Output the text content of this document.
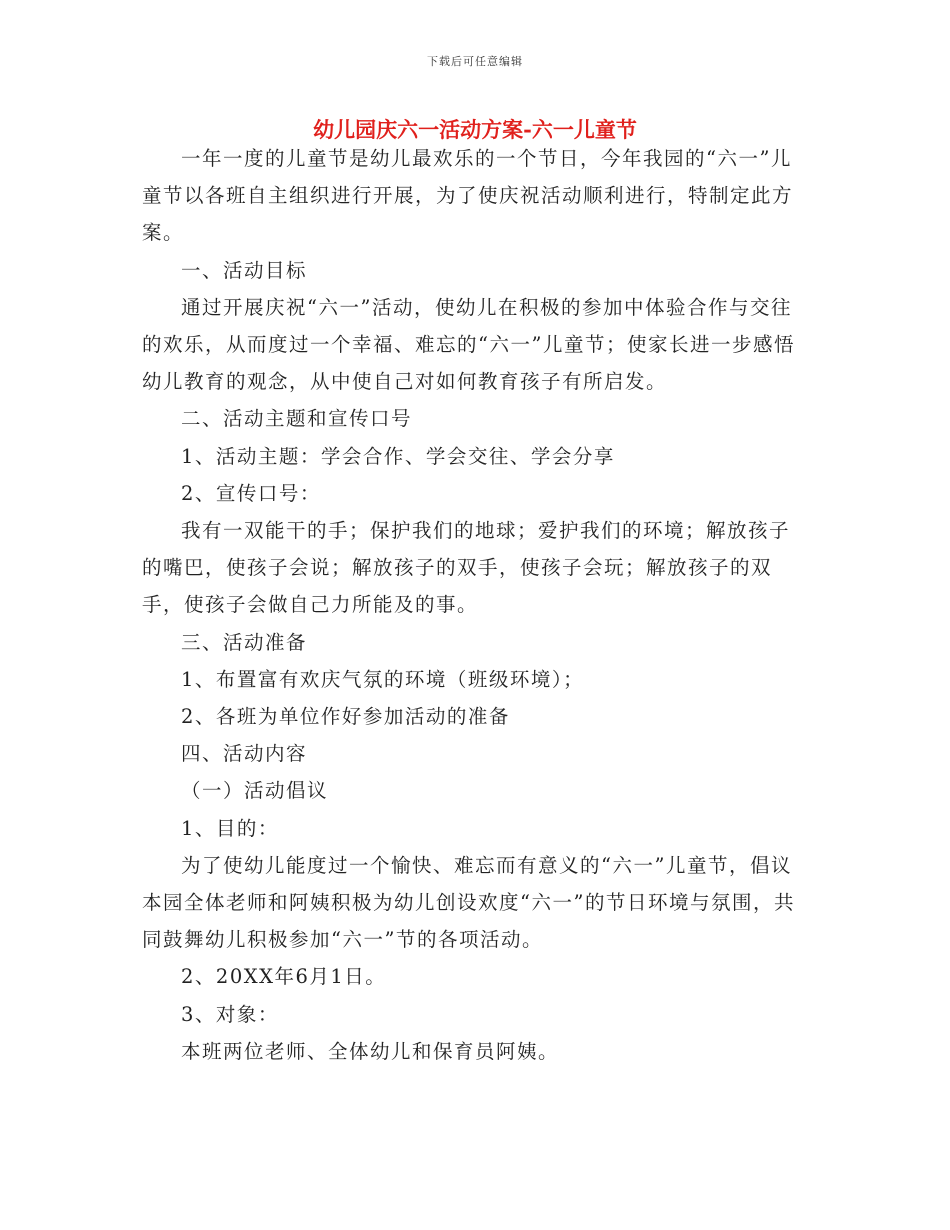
下载后可任意编辑
幼儿园庆六一活动方案-六一儿童节

一年一度的儿童节是幼儿最欢乐的一个节日，今年我园的“六一”儿童节以各班自主组织进行开展，为了使庆祝活动顺利进行，特制定此方案。

一、活动目标

通过开展庆祝“六一”活动，使幼儿在积极的参加中体验合作与交往的欢乐，从而度过一个幸福、难忘的“六一”儿童节；使家长进一步感悟幼儿教育的观念，从中使自己对如何教育孩子有所启发。

二、活动主题和宣传口号

1、活动主题：学会合作、学会交往、学会分享

2、宣传口号：

我有一双能干的手；保护我们的地球；爱护我们的环境；解放孩子的嘴巴，使孩子会说；解放孩子的双手，使孩子会玩；解放孩子的双手，使孩子会做自己力所能及的事。

三、活动准备

1、布置富有欢庆气氛的环境（班级环境）；

2、各班为单位作好参加活动的准备

四、活动内容

（一）活动倡议

1、目的：

为了使幼儿能度过一个愉快、难忘而有意义的“六一”儿童节，倡议本园全体老师和阿姨积极为幼儿创设欢度“六一”的节日环境与氛围，共同鼓舞幼儿积极参加“六一”节的各项活动。

2、20XX年6月1日。

3、对象：

本班两位老师、全体幼儿和保育员阿姨。
